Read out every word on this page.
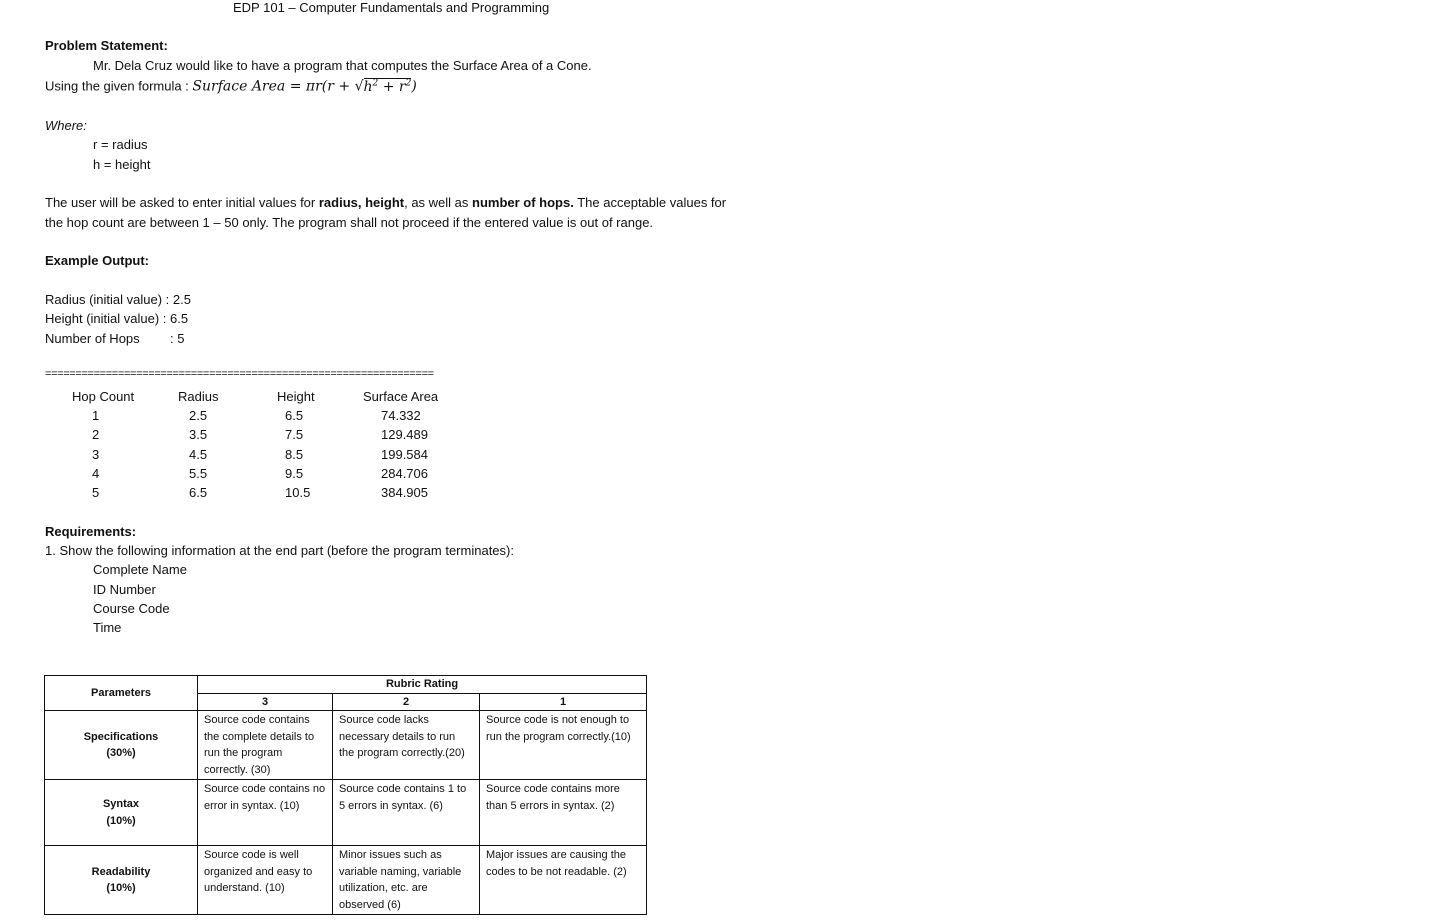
EDP 101 – Computer Fundamentals and Programming
Problem Statement:
Mr. Dela Cruz would like to have a program that computes the Surface Area of a Cone.
Using the given formula : Surface Area = $\pi r(r + √h^2 + r^2)$
Where:
r = radius
h = height
The user will be asked to enter initial values for radius, height, as well as number of hops. The acceptable values for
the hop count are between 1 – 50 only. The program shall not proceed if the entered value is out of range.
Example Output:
Radius (initial value) : 2.5
Height (initial value) : 6.5
Number of Hops : 5
================================================================
Hop Count	Radius	Height	Surface Area
1	2.5	6.5	74.332
2	3.5	7.5	129.489
3	4.5	8.5	199.584
4	5.5	9.5	284.706
5	6.5	10.5	384.905
Requirements:
1. Show the following information at the end part (before the program terminates):
Complete Name
ID Number
Course Code
Time
Parameters	Rubric Rating		
	3	2	1

Specifications
(30%)	Source code contains the complete details to run the program correctly. (30)	Source code lacks necessary details to run the program correctly.(20)	Source code is not enough to run the program correctly.(10)

Syntax
(10%)	Source code contains no error in syntax. (10)	Source code contains 1 to 5 errors in syntax. (6)	Source code contains more than 5 errors in syntax. (2)

Readability
(10%)	Source code is well organized and easy to understand. (10)	Minor issues such as variable naming, variable utilization, etc. are observed (6)	Major issues are causing the codes to be not readable. (2)
